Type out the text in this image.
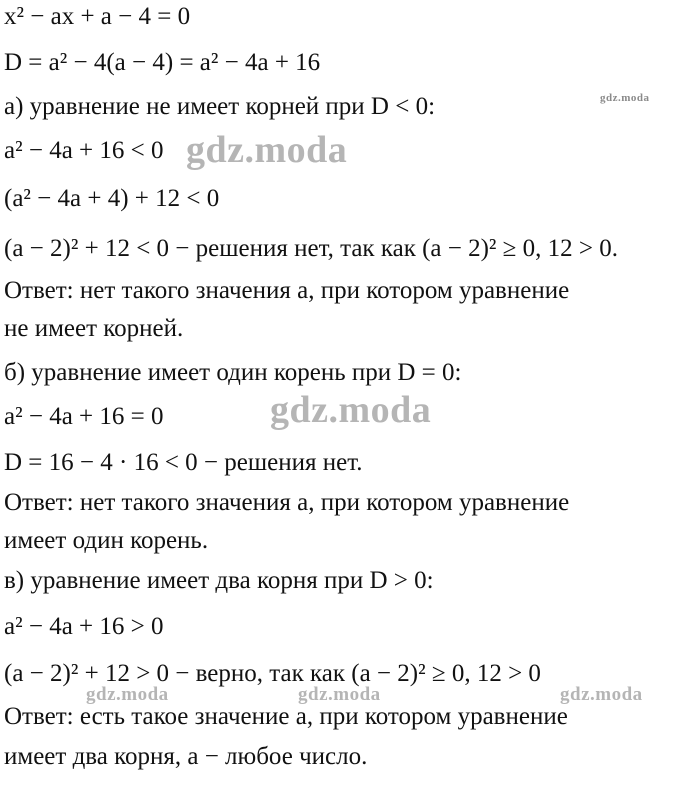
x² − ax + a − 4 = 0
D = a² − 4(a − 4) = a² − 4a + 16
а) уравнение не имеет корней при D < 0:
a² − 4a + 16 < 0
(a² − 4a + 4) + 12 < 0
(a − 2)² + 12 < 0 − решения нет, так как (a − 2)² ≥ 0, 12 > 0.
Ответ: нет такого значения a, при котором уравнение
не имеет корней.
б) уравнение имеет один корень при D = 0:
a² − 4a + 16 = 0
D = 16 − 4 · 16 < 0 − решения нет.
Ответ: нет такого значения a, при котором уравнение
имеет один корень.
в) уравнение имеет два корня при D > 0:
a² − 4a + 16 > 0
(a − 2)² + 12 > 0 − верно, так как (a − 2)² ≥ 0, 12 > 0
Ответ: есть такое значение a, при котором уравнение
имеет два корня, a − любое число.
gdz.moda
gdz.moda
gdz.moda	gdz.moda	gdz.moda
gdz.moda
